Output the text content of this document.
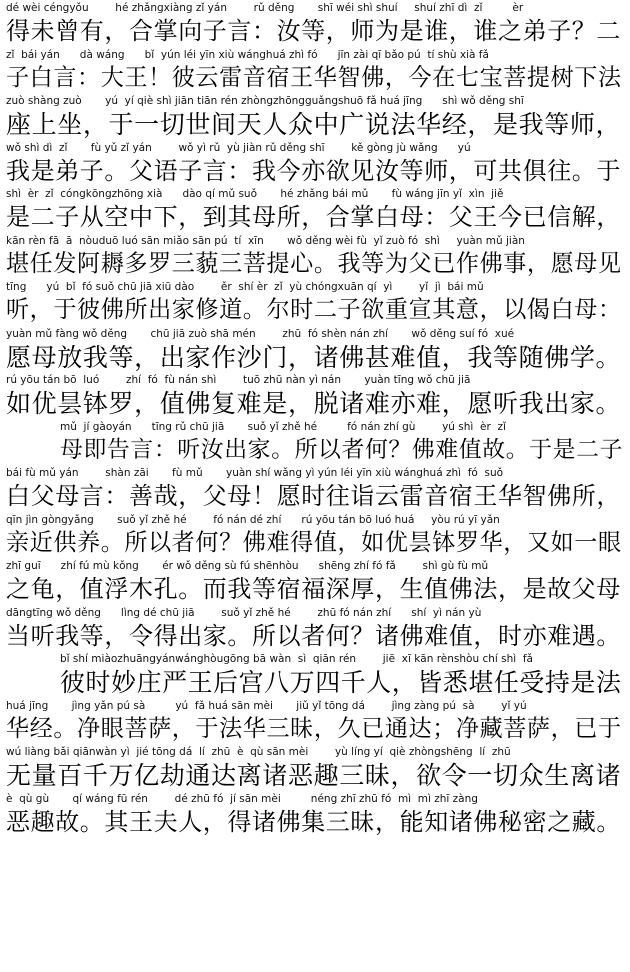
dé wèi céngyǒu        hé zhǎngxiàng zǐ yán        rǔ děng       shī wéi shì shuí     shuí zhī dì  zǐ         èr
得未曾有，合掌向子言：汝等，师为是谁，谁之弟子？二
zǐ  bái yán      dà wáng      bǐ  yún léi yīn xiù wánghuá zhì fó      jīn zài qī bǎo pú  tí shù xià fǎ
子白言：大王！彼云雷音宿王华智佛，今在七宝菩提树下法
zuò shàng zuò       yú  yí qiè shì jiān tiān rén zhòngzhōngguǎngshuō fǎ huá jīng      shì wǒ děng shī
座上坐，于一切世间天人众中广说法华经，是我等师，
wǒ shì dì  zǐ       fù yǔ zǐ yán        wǒ yì rǔ  yù jiàn rǔ děng shī        kě gòng jù wǎng      yú
我是弟子。父语子言：我今亦欲见汝等师，可共俱往。于
shì  èr  zǐ  cóngkōngzhōng xià      dào qí mǔ suǒ       hé zhǎng bái mǔ       fù wáng jīn yǐ  xìn  jiě
是二子从空中下，到其母所，合掌白母：父王今已信解，
kān rèn fā  ā  nòuduō luó sān miǎo sān pú  tí  xīn       wǒ děng wèi fù  yǐ zuò fó  shì     yuàn mǔ jiàn
堪任发阿耨多罗三藐三菩提心。我等为父已作佛事，愿母见
tīng      yú  bǐ  fó suǒ chū jiā xiū dào        ěr  shí èr  zǐ  yù chóngxuān qí  yì        yǐ  jì  bái mǔ
听，于彼佛所出家修道。尔时二子欲重宣其意，以偈白母：
yuàn mǔ fàng wǒ děng       chū jiā zuò shā mén        zhū  fó shèn nán zhí       wǒ děng suí fó  xué
愿母放我等，出家作沙门，诸佛甚难值，我等随佛学。
rú yōu tán bō  luó        zhí  fó  fù nán shì        tuō zhū nàn yì nán       yuàn tīng wǒ chū jiā
如优昙钵罗，值佛复难是，脱诸难亦难，愿听我出家。
mǔ  jí gàoyán      tīng rǔ chū jiā       suǒ yǐ zhě hé         fó nán zhí gù        yú shì  èr  zǐ
母即告言：听汝出家。所以者何？佛难值故。于是二子
bái fù mǔ yán        shàn zāi       fù mǔ       yuàn shí wǎng yì yún léi yīn xiù wánghuá zhì  fó  suǒ
白父母言：善哉，父母！愿时往诣云雷音宿王华智佛所，
qīn jìn gòngyǎng       suǒ yǐ zhě hé        fó nán dé zhí      rú yōu tán bō luó huá     yòu rú yī yǎn
亲近供养。所以者何？佛难得值，如优昙钵罗华，又如一眼
zhī guī      zhí fú mù kǒng       ér wǒ děng sù fú shēnhòu      shēng zhí fó fǎ        shì gù fù mǔ
之龟，值浮木孔。而我等宿福深厚，生值佛法，是故父母
dāngtīng wǒ děng      lìng dé chū jiā        suǒ yǐ zhě hé        zhū fó nán zhí      shí  yì nán yù
当听我等，令得出家。所以者何？诸佛难值，时亦难遇。
bǐ shí miàozhuāngyánwánghòugōng bā wàn  sì  qiān rén        jiē  xī kān rènshòu chí shì  fǎ
彼时妙庄严王后宫八万四千人，皆悉堪任受持是法
huá jīng       jìng yǎn pú sà         yú  fǎ huá sān mèi       jiǔ yǐ tōng dá        jìng zàng pú  sà        yǐ yú
华经。净眼菩萨，于法华三昧，久已通达；净藏菩萨，已于
wú liàng bǎi qiānwàn yì  jié tōng dá  lí  zhū  è  qù sān mèi        yù líng yí  qiè zhòngshēng  lí  zhū
无量百千万亿劫通达离诸恶趣三昧，欲令一切众生离诸
è  qù gù       qí wáng fū rén        dé zhū fó  jí sān mèi         néng zhī zhū fó  mì  mì zhī zàng
恶趣故。其王夫人，得诸佛集三昧，能知诸佛秘密之藏。
